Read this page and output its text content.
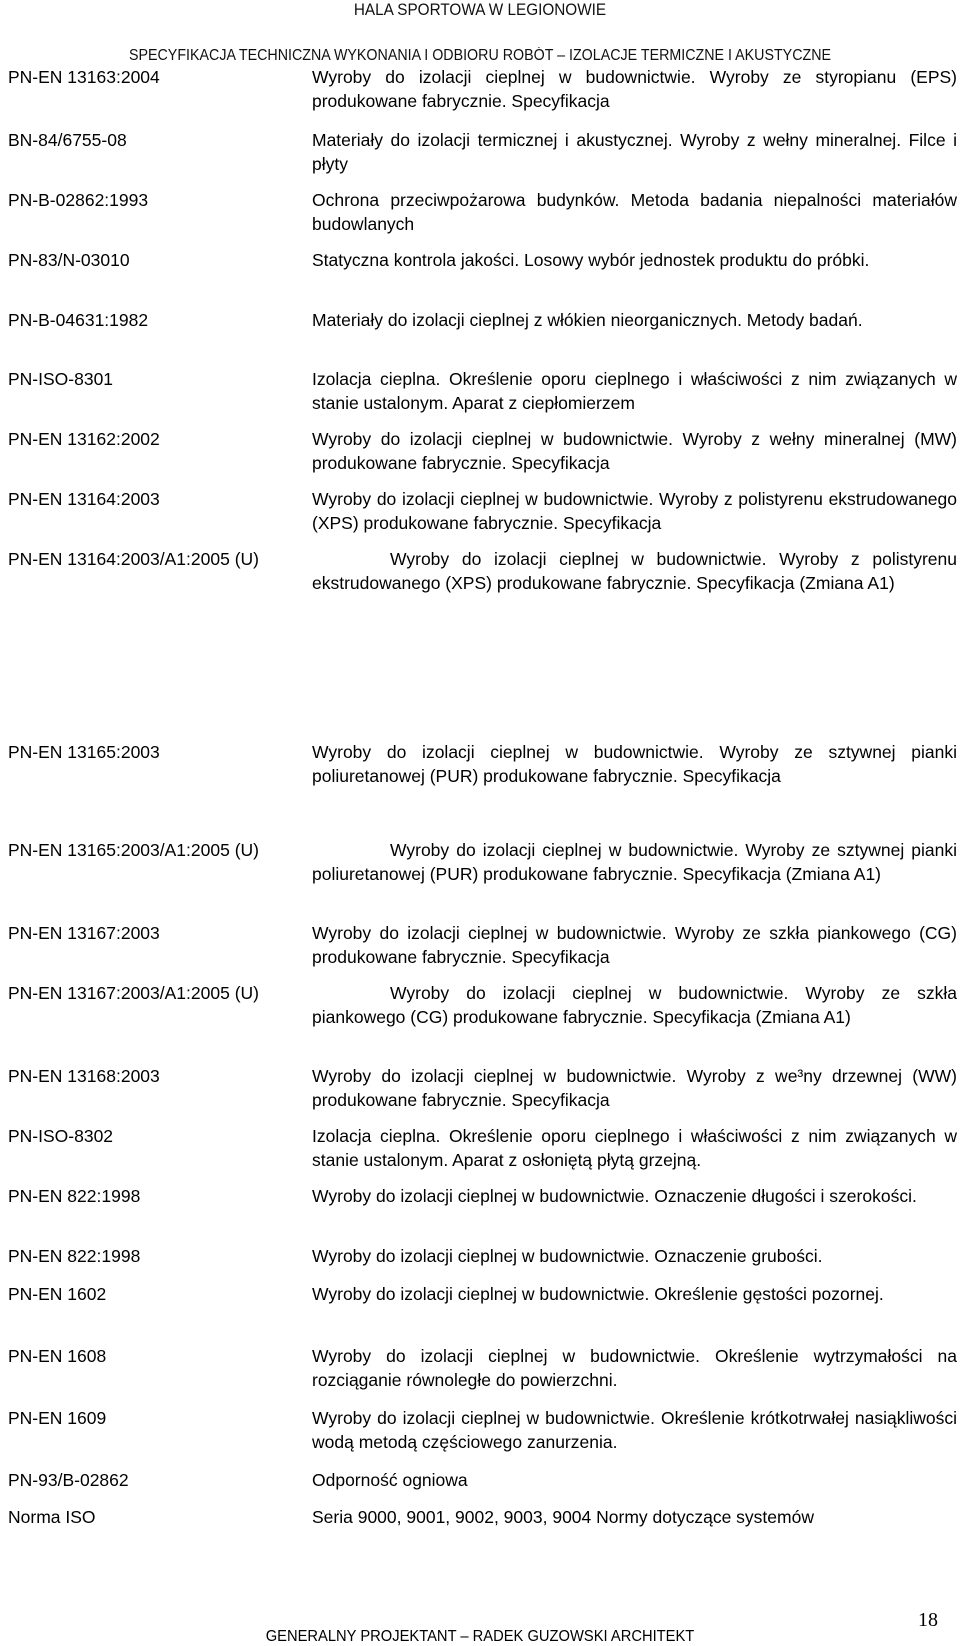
HALA SPORTOWA W LEGIONOWIE
SPECYFIKACJA TECHNICZNA WYKONANIA I ODBIORU ROBÓT – IZOLACJE TERMICZNE I AKUSTYCZNE
PN-EN 13163:2004	Wyroby do izolacji cieplnej w budownictwie. Wyroby ze styropianu (EPS) produkowane fabrycznie. Specyfikacja
BN-84/6755-08	Materiały do izolacji termicznej i akustycznej. Wyroby z wełny mineralnej. Filce i płyty
PN-B-02862:1993	Ochrona przeciwpożarowa budynków. Metoda badania niepalności materiałów budowlanych
PN-83/N-03010	Statyczna kontrola jakości. Losowy wybór jednostek produktu do próbki.
PN-B-04631:1982	Materiały do izolacji cieplnej z włókien nieorganicznych. Metody badań.
PN-ISO-8301	Izolacja cieplna. Określenie oporu cieplnego i właściwości z nim związanych w stanie ustalonym. Aparat z ciepłomierzem
PN-EN 13162:2002	Wyroby do izolacji cieplnej w budownictwie. Wyroby z wełny mineralnej (MW) produkowane fabrycznie. Specyfikacja
PN-EN 13164:2003	Wyroby do izolacji cieplnej w budownictwie. Wyroby z polistyrenu ekstrudowanego (XPS) produkowane fabrycznie. Specyfikacja
PN-EN 13164:2003/A1:2005 (U)	Wyroby do izolacji cieplnej w budownictwie. Wyroby z polistyrenu ekstrudowanego (XPS) produkowane fabrycznie. Specyfikacja (Zmiana A1)
PN-EN 13165:2003	Wyroby do izolacji cieplnej w budownictwie. Wyroby ze sztywnej pianki poliuretanowej (PUR) produkowane fabrycznie. Specyfikacja
PN-EN 13165:2003/A1:2005 (U)	Wyroby do izolacji cieplnej w budownictwie. Wyroby ze sztywnej pianki poliuretanowej (PUR) produkowane fabrycznie. Specyfikacja (Zmiana A1)
PN-EN 13167:2003	Wyroby do izolacji cieplnej w budownictwie. Wyroby ze szkła piankowego (CG) produkowane fabrycznie. Specyfikacja
PN-EN 13167:2003/A1:2005 (U)	Wyroby do izolacji cieplnej w budownictwie. Wyroby ze szkła piankowego (CG) produkowane fabrycznie. Specyfikacja (Zmiana A1)
PN-EN 13168:2003	Wyroby do izolacji cieplnej w budownictwie. Wyroby z we³ny drzewnej (WW) produkowane fabrycznie. Specyfikacja
PN-ISO-8302	Izolacja cieplna. Określenie oporu cieplnego i właściwości z nim związanych w stanie ustalonym. Aparat z osłoniętą płytą grzejną.
PN-EN 822:1998	Wyroby do izolacji cieplnej w budownictwie. Oznaczenie długości i szerokości.
PN-EN 822:1998	Wyroby do izolacji cieplnej w budownictwie. Oznaczenie grubości.
PN-EN 1602	Wyroby do izolacji cieplnej w budownictwie. Określenie gęstości pozornej.
PN-EN 1608	Wyroby do izolacji cieplnej w budownictwie. Określenie wytrzymałości na rozciąganie równoległe do powierzchni.
PN-EN 1609	Wyroby do izolacji cieplnej w budownictwie. Określenie krótkotrwałej nasiąkliwości wodą metodą częściowego zanurzenia.
PN-93/B-02862	Odporność ogniowa
Norma ISO	Seria 9000, 9001, 9002, 9003, 9004 Normy dotyczące systemów
18
GENERALNY PROJEKTANT – RADEK GUZOWSKI ARCHITEKT
